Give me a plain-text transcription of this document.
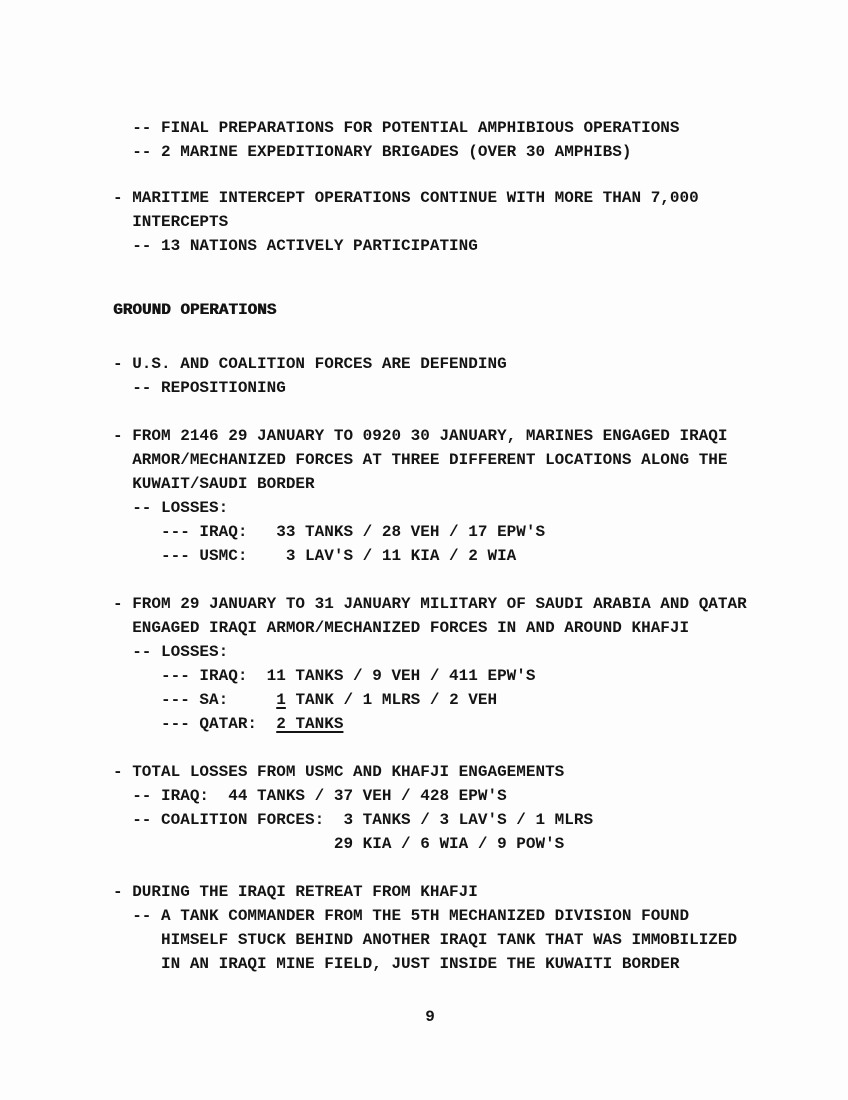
-- FINAL PREPARATIONS FOR POTENTIAL AMPHIBIOUS OPERATIONS
-- 2 MARINE EXPEDITIONARY BRIGADES (OVER 30 AMPHIBS)
- MARITIME INTERCEPT OPERATIONS CONTINUE WITH MORE THAN 7,000
INTERCEPTS
-- 13 NATIONS ACTIVELY PARTICIPATING
GROUND OPERATIONS
- U.S. AND COALITION FORCES ARE DEFENDING
-- REPOSITIONING
- FROM 2146 29 JANUARY TO 0920 30 JANUARY, MARINES ENGAGED IRAQI
ARMOR/MECHANIZED FORCES AT THREE DIFFERENT LOCATIONS ALONG THE
KUWAIT/SAUDI BORDER
-- LOSSES:
--- IRAQ:   33 TANKS / 28 VEH / 17 EPW'S
--- USMC:    3 LAV'S / 11 KIA / 2 WIA
- FROM 29 JANUARY TO 31 JANUARY MILITARY OF SAUDI ARABIA AND QATAR
ENGAGED IRAQI ARMOR/MECHANIZED FORCES IN AND AROUND KHAFJI
-- LOSSES:
--- IRAQ:  11 TANKS / 9 VEH / 411 EPW'S
--- SA:     1 TANK / 1 MLRS / 2 VEH
--- QATAR:  2 TANKS
- TOTAL LOSSES FROM USMC AND KHAFJI ENGAGEMENTS
-- IRAQ:  44 TANKS / 37 VEH / 428 EPW'S
-- COALITION FORCES:  3 TANKS / 3 LAV'S / 1 MLRS
29 KIA / 6 WIA / 9 POW'S
- DURING THE IRAQI RETREAT FROM KHAFJI
-- A TANK COMMANDER FROM THE 5TH MECHANIZED DIVISION FOUND
HIMSELF STUCK BEHIND ANOTHER IRAQI TANK THAT WAS IMMOBILIZED
IN AN IRAQI MINE FIELD, JUST INSIDE THE KUWAITI BORDER
9
